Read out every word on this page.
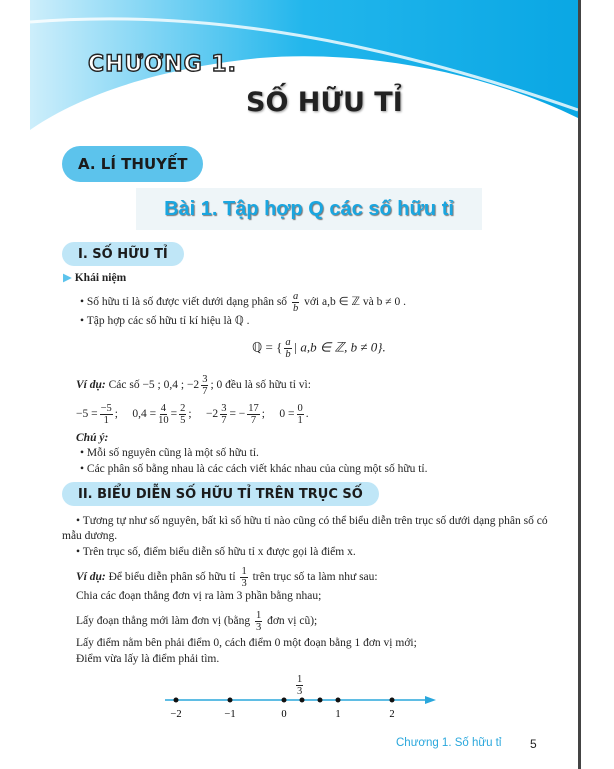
CHƯƠNG 1.
SỐ HỮU TỈ
A. LÍ THUYẾT
Bài 1. Tập hợp Q các số hữu tỉ
I. SỐ HỮU TỈ
▶ Khái niệm
• Số hữu tỉ là số được viết dưới dạng phân số $\frac{a}{b}$ với a,b ∈ ℤ và b ≠ 0 .
• Tập hợp các số hữu tỉ kí hiệu là ℚ .
ℚ = { $\frac{a}{b}$ | a,b ∈ ℤ, b ≠ 0}.
Ví dụ: Các số −5 ; 0,4 ; $-2 \frac{3}{7}$ ; 0 đều là số hữu tỉ vì:
$-5 = \frac{-5}{1}$ ;     $0,4 = \frac{4}{10} = \frac{2}{5}$ ;     $-2 \frac{3}{7}$ = − $\frac{17}{7}$ ;     $0 = \frac{0}{1}$ .
Chú ý:
• Mỗi số nguyên cũng là một số hữu tỉ.
• Các phân số bằng nhau là các cách viết khác nhau của cùng một số hữu tỉ.
II. BIỂU DIỄN SỐ HỮU TỈ TRÊN TRỤC SỐ
• Tương tự như số nguyên, bất kì số hữu tỉ nào cũng có thể biểu diễn trên trục số dưới dạng phân số có
mẫu dương.
• Trên trục số, điểm biểu diễn số hữu tỉ x được gọi là điểm x.
Ví dụ: Để biểu diễn phân số hữu tỉ $\frac{1}{3}$ trên trục số ta làm như sau:
Chia các đoạn thẳng đơn vị ra làm 3 phần bằng nhau;
Lấy đoạn thẳng mới làm đơn vị (bằng $\frac{1}{3}$ đơn vị cũ);
Lấy điểm nằm bên phải điểm 0, cách điểm 0 một đoạn bằng 1 đơn vị mới;
Điểm vừa lấy là điểm phải tìm.
−2	−1	0	1	2
$\frac{1}{3}$
Chương 1. Số hữu tỉ 5
